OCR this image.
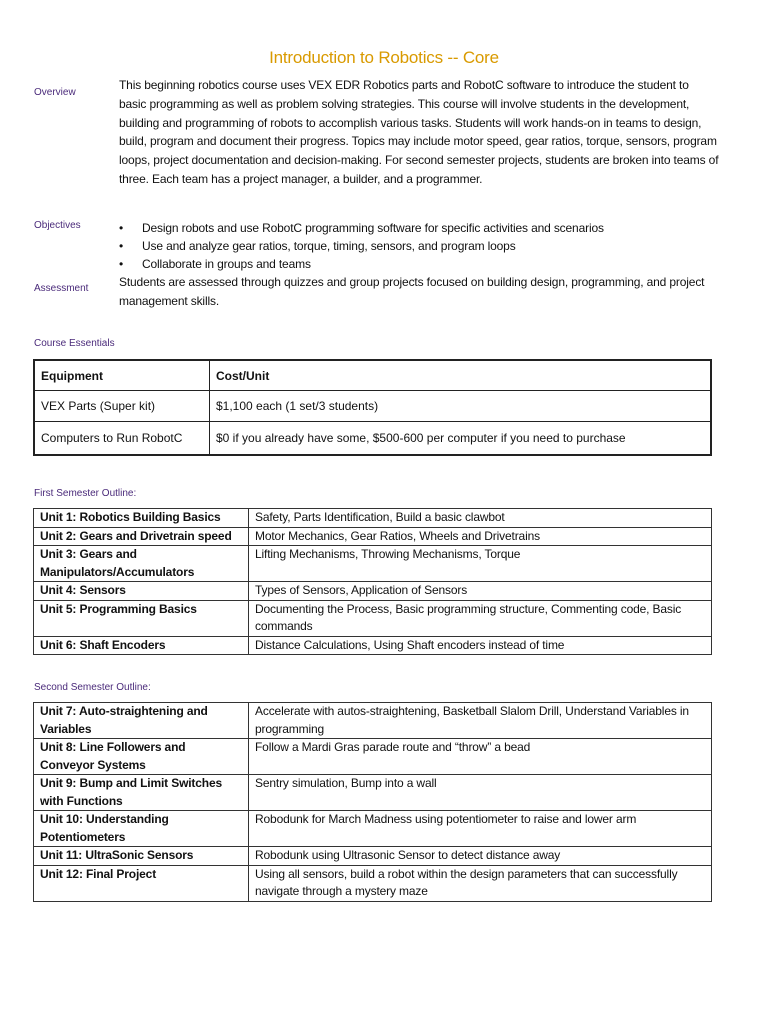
Introduction to Robotics -- Core
Overview
This beginning robotics course uses VEX EDR Robotics parts and RobotC software to introduce the student to basic programming as well as problem solving strategies. This course will involve students in the development, building and programming of robots to accomplish various tasks. Students will work hands-on in teams to design, build, program and document their progress. Topics may include motor speed, gear ratios, torque, sensors, program loops, project documentation and decision-making. For second semester projects, students are broken into teams of three. Each team has a project manager, a builder, and a programmer.
Objectives	• Design robots and use RobotC programming software for specific activities and scenarios
• Use and analyze gear ratios, torque, timing, sensors, and program loops
• Collaborate in groups and teams
Assessment	Students are assessed through quizzes and group projects focused on building design, programming, and project management skills.
Course Essentials
Equipment	Cost/Unit
VEX Parts (Super kit)	$1,100 each (1 set/3 students)
Computers to Run RobotC	$0 if you already have some, $500-600 per computer if you need to purchase
First Semester Outline:
Unit 1: Robotics Building Basics	Safety, Parts Identification, Build a basic clawbot
Unit 2: Gears and Drivetrain speed	Motor Mechanics, Gear Ratios, Wheels and Drivetrains
Unit 3: Gears and Manipulators/Accumulators	Lifting Mechanisms, Throwing Mechanisms, Torque
Unit 4: Sensors	Types of Sensors, Application of Sensors
Unit 5: Programming Basics	Documenting the Process, Basic programming structure, Commenting code, Basic commands
Unit 6: Shaft Encoders	Distance Calculations, Using Shaft encoders instead of time
Second Semester Outline:
Unit 7: Auto-straightening and Variables	Accelerate with autos-straightening, Basketball Slalom Drill, Understand Variables in programming
Unit 8: Line Followers and Conveyor Systems	Follow a Mardi Gras parade route and “throw” a bead
Unit 9: Bump and Limit Switches with Functions	Sentry simulation, Bump into a wall
Unit 10: Understanding Potentiometers	Robodunk for March Madness using potentiometer to raise and lower arm
Unit 11: UltraSonic Sensors	Robodunk using Ultrasonic Sensor to detect distance away
Unit 12: Final Project	Using all sensors, build a robot within the design parameters that can successfully navigate through a mystery maze
